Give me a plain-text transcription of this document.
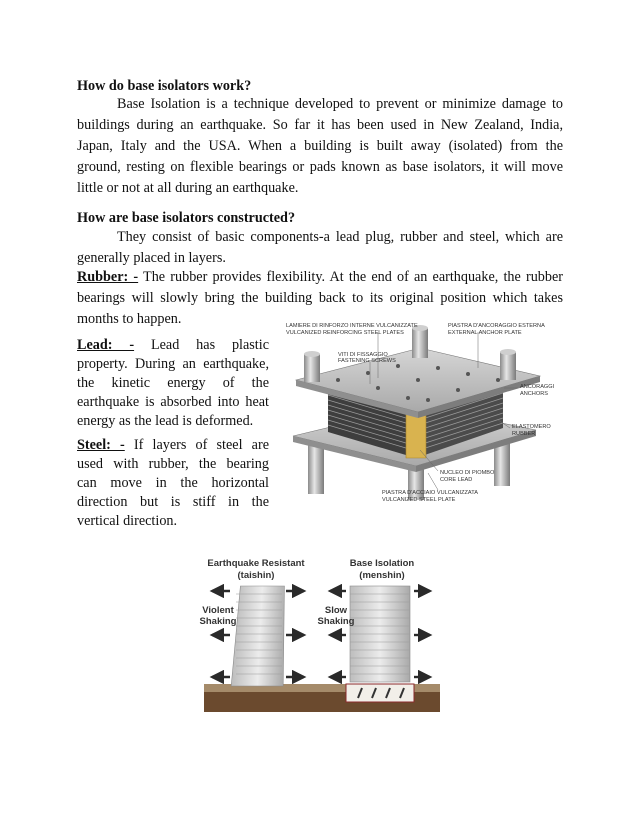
How do base isolators work?
Base Isolation is a technique developed to prevent or minimize damage to
buildings during an earthquake. So far it has been used in New Zealand, India,
Japan, Italy and the USA. When a building is built away (isolated) from the
ground, resting on flexible bearings or pads known as base isolators, it will move
little or not at all during an earthquake.
How are base isolators constructed?
They consist of basic components-a lead plug, rubber and steel, which are
generally placed in layers.
Rubber: - The rubber provides flexibility. At the end of an earthquake, the rubber
bearings will slowly bring the building back to its original position which takes
months to happen.
Lead: - Lead has plastic
property. During an earthquake,
the kinetic energy of the
earthquake is absorbed into heat
energy as the lead is deformed.
Steel: - If layers of steel are
used with rubber, the bearing
can move in the horizontal
direction but is stiff in the
vertical direction.
LAMIERE DI RINFORZO INTERNE VULCANIZZATE
VULCANIZED REINFORCING STEEL PLATES
PIASTRA D'ANCORAGGIO ESTERNA
EXTERNAL ANCHOR PLATE
VITI DI FISSAGGIO
FASTENING SCREWS
ANCORAGGI
ANCHORS
ELASTOMERO
RUBBER
NUCLEO DI PIOMBO
CORE LEAD
PIASTRA D'ACCIAIO VULCANIZZATA
VULCANIZED STEEL PLATE
Earthquake Resistant
(taishin)
Base Isolation
(menshin)
Violent
Shaking
Slow
Shaking
